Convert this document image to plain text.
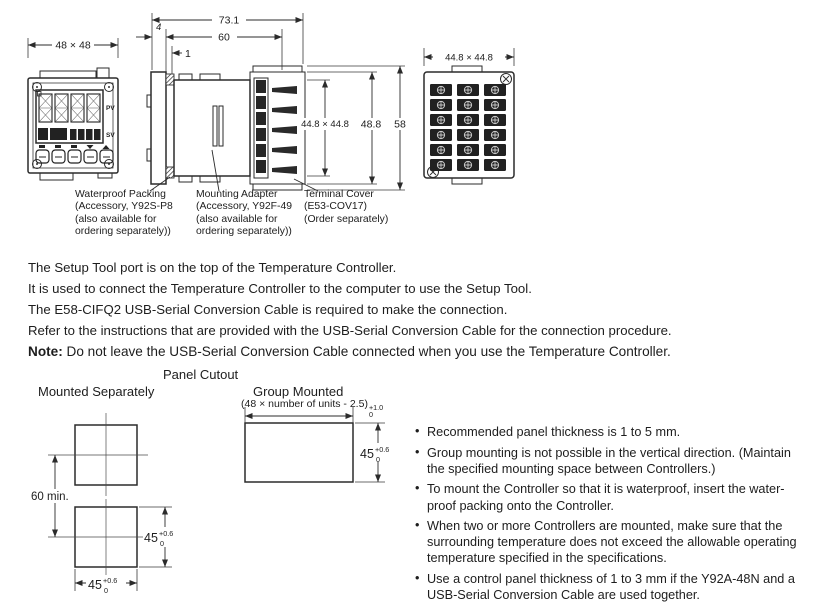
48 × 48
PV
SV
73.1
60
4
1
44.8 × 44.8 48.8 58
44.8 × 44.8
60 min.
45 +0.6
0
45 +0.6
0
45 +0.6
0
Waterproof Packing
(Accessory, Y92S-P8
(also available for
ordering separately))
Mounting Adapter
(Accessory, Y92F-49
(also available for
ordering separately))
Terminal Cover
(E53-COV17)
(Order separately)
The Setup Tool port is on the top of the Temperature Controller.
It is used to connect the Temperature Controller to the computer to use the Setup Tool.
The E58-CIFQ2 USB-Serial Conversion Cable is required to make the connection.
Refer to the instructions that are provided with the USB-Serial Conversion Cable for the connection procedure.
Note: Do not leave the USB-Serial Conversion Cable connected when you use the Temperature Controller.
Panel Cutout
Mounted Separately	Group Mounted
(48 × number of units - 2.5) +1.0
0
• Recommended panel thickness is 1 to 5 mm.
• Group mounting is not possible in the vertical direction. (Maintain
the specified mounting space between Controllers.)
• To mount the Controller so that it is waterproof, insert the water-
proof packing onto the Controller.
• When two or more Controllers are mounted, make sure that the
surrounding temperature does not exceed the allowable operating
temperature specified in the specifications.
• Use a control panel thickness of 1 to 3 mm if the Y92A-48N and a
USB-Serial Conversion Cable are used together.
